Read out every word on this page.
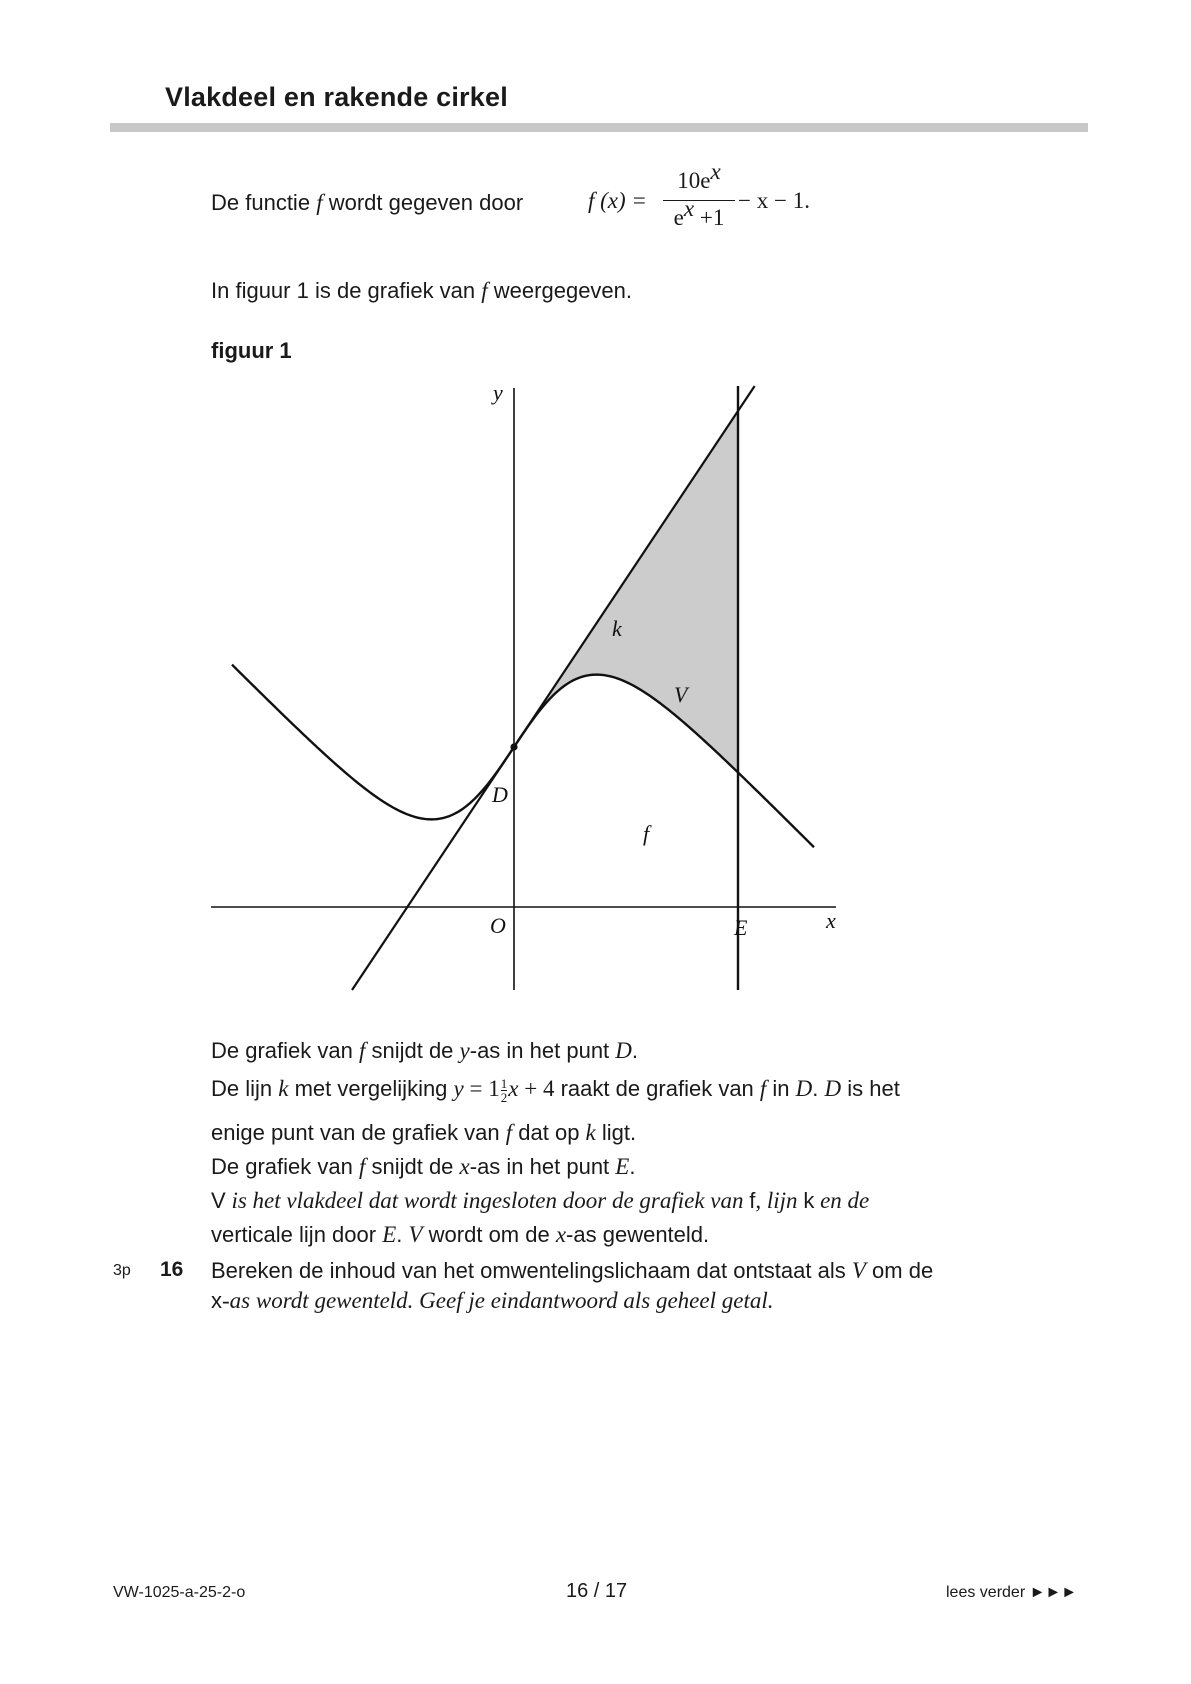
Vlakdeel en rakende cirkel
De functie f wordt gegeven door	f (x) =
$10e^x$
$e^x +1$
− x − 1.
In figuur 1 is de grafiek van f weergegeven.
figuur 1
y
x
O
D
E
k
f
V
De grafiek van f snijdt de y-as in het punt D.
De lijn k met vergelijking $y = 1 \frac{1}{2}$ x + 4 raakt de grafiek van f in D. D is het
enige punt van de grafiek van f dat op k ligt.
De grafiek van f snijdt de x-as in het punt E.
V is het vlakdeel dat wordt ingesloten door de grafiek van f, lijn k en de
verticale lijn door E. V wordt om de x-as gewenteld.
3p 16 Bereken de inhoud van het omwentelingslichaam dat ontstaat als V om de
x-as wordt gewenteld. Geef je eindantwoord als geheel getal.
VW-1025-a-25-2-o	16 / 17	lees verder ►►►
